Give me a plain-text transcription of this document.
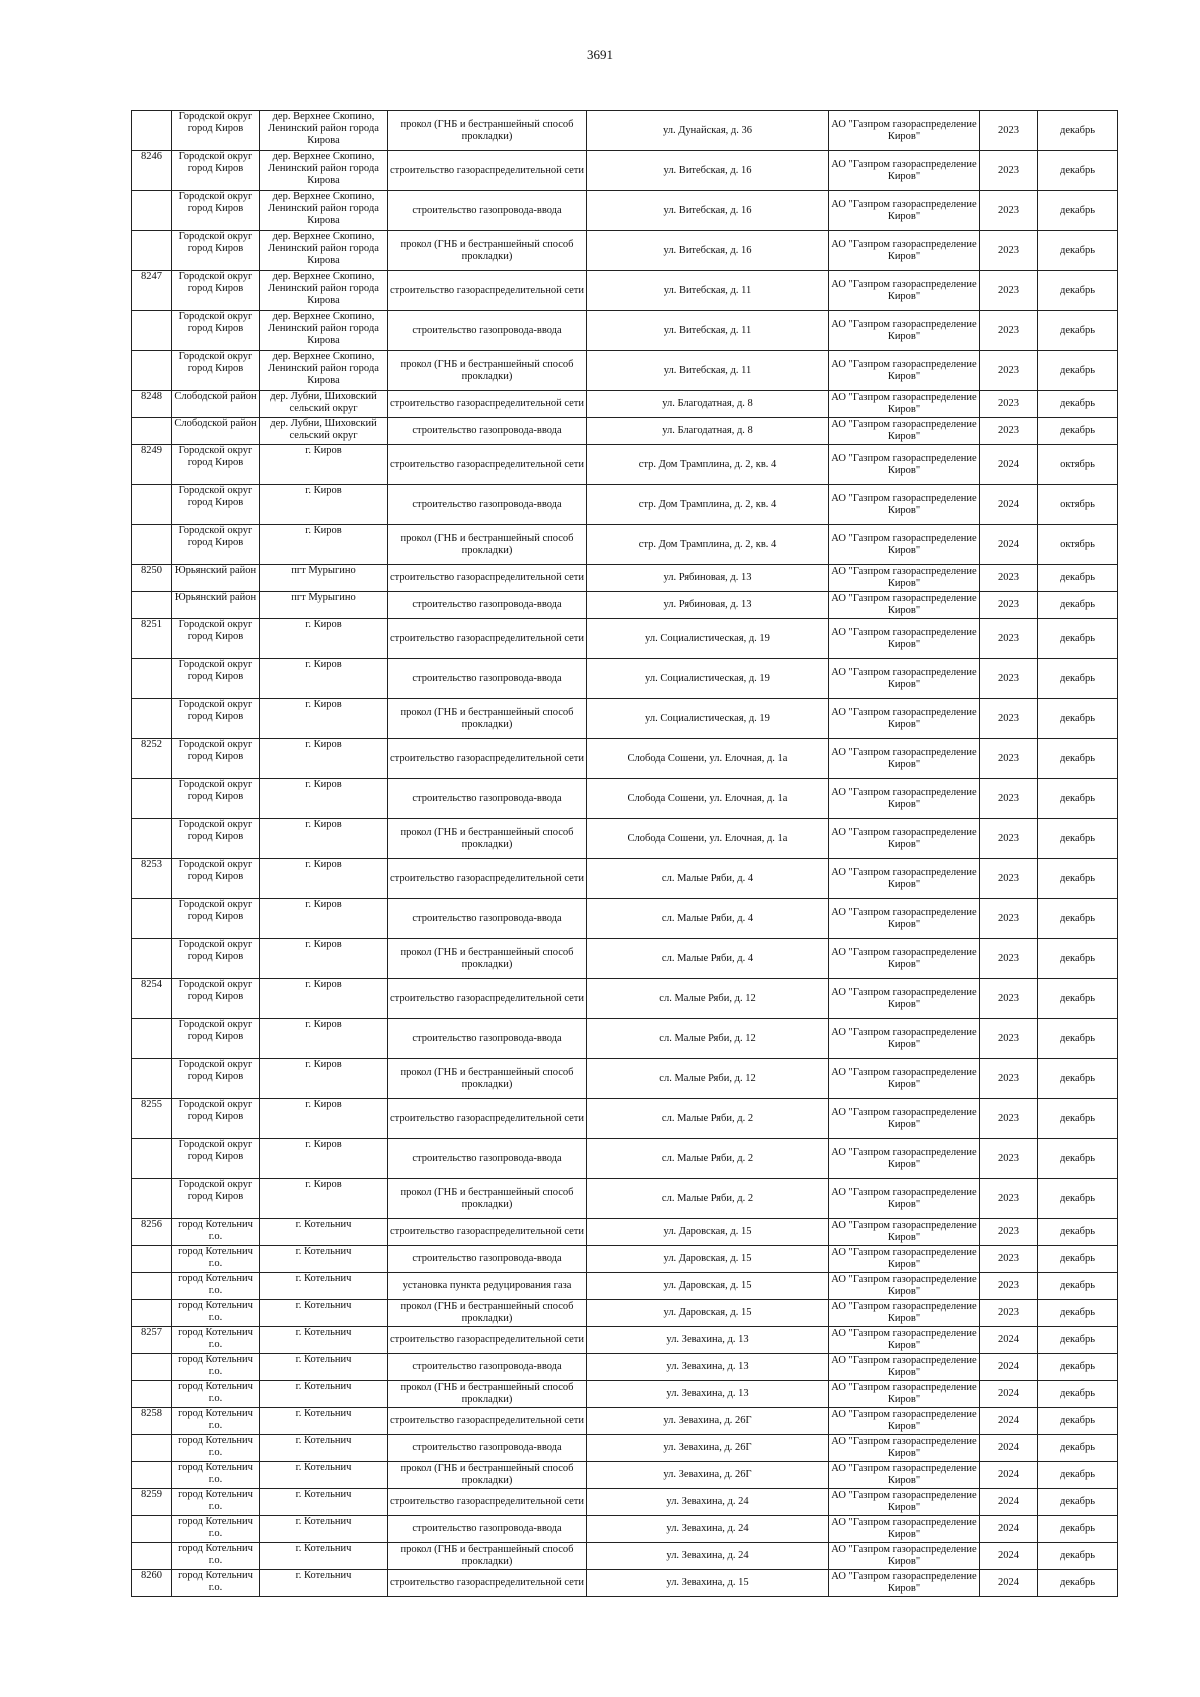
3691
	Городской округ город Киров	дер. Верхнее Скопино, Ленинский район города Кирова	прокол (ГНБ и бестраншейный способ прокладки)	ул. Дунайская, д. 36	АО "Газпром газораспределение Киров"	2023	декабрь
8246	Городской округ город Киров	дер. Верхнее Скопино, Ленинский район города Кирова	строительство газораспределительной сети	ул. Витебская, д. 16	АО "Газпром газораспределение Киров"	2023	декабрь
	Городской округ город Киров	дер. Верхнее Скопино, Ленинский район города Кирова	строительство газопровода-ввода	ул. Витебская, д. 16	АО "Газпром газораспределение Киров"	2023	декабрь
	Городской округ город Киров	дер. Верхнее Скопино, Ленинский район города Кирова	прокол (ГНБ и бестраншейный способ прокладки)	ул. Витебская, д. 16	АО "Газпром газораспределение Киров"	2023	декабрь
8247	Городской округ город Киров	дер. Верхнее Скопино, Ленинский район города Кирова	строительство газораспределительной сети	ул. Витебская, д. 11	АО "Газпром газораспределение Киров"	2023	декабрь
	Городской округ город Киров	дер. Верхнее Скопино, Ленинский район города Кирова	строительство газопровода-ввода	ул. Витебская, д. 11	АО "Газпром газораспределение Киров"	2023	декабрь
	Городской округ город Киров	дер. Верхнее Скопино, Ленинский район города Кирова	прокол (ГНБ и бестраншейный способ прокладки)	ул. Витебская, д. 11	АО "Газпром газораспределение Киров"	2023	декабрь
8248	Слободской район	дер. Лубни, Шиховский сельский округ	строительство газораспределительной сети	ул. Благодатная, д. 8	АО "Газпром газораспределение Киров"	2023	декабрь
	Слободской район	дер. Лубни, Шиховский сельский округ	строительство газопровода-ввода	ул. Благодатная, д. 8	АО "Газпром газораспределение Киров"	2023	декабрь
8249	Городской округ город Киров	г. Киров	строительство газораспределительной сети	стр. Дом Трамплина, д. 2, кв. 4	АО "Газпром газораспределение Киров"	2024	октябрь
	Городской округ город Киров	г. Киров	строительство газопровода-ввода	стр. Дом Трамплина, д. 2, кв. 4	АО "Газпром газораспределение Киров"	2024	октябрь
	Городской округ город Киров	г. Киров	прокол (ГНБ и бестраншейный способ прокладки)	стр. Дом Трамплина, д. 2, кв. 4	АО "Газпром газораспределение Киров"	2024	октябрь
8250	Юрьянский район	пгт Мурыгино	строительство газораспределительной сети	ул. Рябиновая, д. 13	АО "Газпром газораспределение Киров"	2023	декабрь
	Юрьянский район	пгт Мурыгино	строительство газопровода-ввода	ул. Рябиновая, д. 13	АО "Газпром газораспределение Киров"	2023	декабрь
8251	Городской округ город Киров	г. Киров	строительство газораспределительной сети	ул. Социалистическая, д. 19	АО "Газпром газораспределение Киров"	2023	декабрь
	Городской округ город Киров	г. Киров	строительство газопровода-ввода	ул. Социалистическая, д. 19	АО "Газпром газораспределение Киров"	2023	декабрь
	Городской округ город Киров	г. Киров	прокол (ГНБ и бестраншейный способ прокладки)	ул. Социалистическая, д. 19	АО "Газпром газораспределение Киров"	2023	декабрь
8252	Городской округ город Киров	г. Киров	строительство газораспределительной сети	Слобода Сошени, ул. Елочная, д. 1а	АО "Газпром газораспределение Киров"	2023	декабрь
	Городской округ город Киров	г. Киров	строительство газопровода-ввода	Слобода Сошени, ул. Елочная, д. 1а	АО "Газпром газораспределение Киров"	2023	декабрь
	Городской округ город Киров	г. Киров	прокол (ГНБ и бестраншейный способ прокладки)	Слобода Сошени, ул. Елочная, д. 1а	АО "Газпром газораспределение Киров"	2023	декабрь
8253	Городской округ город Киров	г. Киров	строительство газораспределительной сети	сл. Малые Ряби, д. 4	АО "Газпром газораспределение Киров"	2023	декабрь
	Городской округ город Киров	г. Киров	строительство газопровода-ввода	сл. Малые Ряби, д. 4	АО "Газпром газораспределение Киров"	2023	декабрь
	Городской округ город Киров	г. Киров	прокол (ГНБ и бестраншейный способ прокладки)	сл. Малые Ряби, д. 4	АО "Газпром газораспределение Киров"	2023	декабрь
8254	Городской округ город Киров	г. Киров	строительство газораспределительной сети	сл. Малые Ряби, д. 12	АО "Газпром газораспределение Киров"	2023	декабрь
	Городской округ город Киров	г. Киров	строительство газопровода-ввода	сл. Малые Ряби, д. 12	АО "Газпром газораспределение Киров"	2023	декабрь
	Городской округ город Киров	г. Киров	прокол (ГНБ и бестраншейный способ прокладки)	сл. Малые Ряби, д. 12	АО "Газпром газораспределение Киров"	2023	декабрь
8255	Городской округ город Киров	г. Киров	строительство газораспределительной сети	сл. Малые Ряби, д. 2	АО "Газпром газораспределение Киров"	2023	декабрь
	Городской округ город Киров	г. Киров	строительство газопровода-ввода	сл. Малые Ряби, д. 2	АО "Газпром газораспределение Киров"	2023	декабрь
	Городской округ город Киров	г. Киров	прокол (ГНБ и бестраншейный способ прокладки)	сл. Малые Ряби, д. 2	АО "Газпром газораспределение Киров"	2023	декабрь
8256	город Котельнич г.о.	г. Котельнич	строительство газораспределительной сети	ул. Даровская, д. 15	АО "Газпром газораспределение Киров"	2023	декабрь
	город Котельнич г.о.	г. Котельнич	строительство газопровода-ввода	ул. Даровская, д. 15	АО "Газпром газораспределение Киров"	2023	декабрь
	город Котельнич г.о.	г. Котельнич	установка пункта редуцирования газа	ул. Даровская, д. 15	АО "Газпром газораспределение Киров"	2023	декабрь
	город Котельнич г.о.	г. Котельнич	прокол (ГНБ и бестраншейный способ прокладки)	ул. Даровская, д. 15	АО "Газпром газораспределение Киров"	2023	декабрь
8257	город Котельнич г.о.	г. Котельнич	строительство газораспределительной сети	ул. Зевахина, д. 13	АО "Газпром газораспределение Киров"	2024	декабрь
	город Котельнич г.о.	г. Котельнич	строительство газопровода-ввода	ул. Зевахина, д. 13	АО "Газпром газораспределение Киров"	2024	декабрь
	город Котельнич г.о.	г. Котельнич	прокол (ГНБ и бестраншейный способ прокладки)	ул. Зевахина, д. 13	АО "Газпром газораспределение Киров"	2024	декабрь
8258	город Котельнич г.о.	г. Котельнич	строительство газораспределительной сети	ул. Зевахина, д. 26Г	АО "Газпром газораспределение Киров"	2024	декабрь
	город Котельнич г.о.	г. Котельнич	строительство газопровода-ввода	ул. Зевахина, д. 26Г	АО "Газпром газораспределение Киров"	2024	декабрь
	город Котельнич г.о.	г. Котельнич	прокол (ГНБ и бестраншейный способ прокладки)	ул. Зевахина, д. 26Г	АО "Газпром газораспределение Киров"	2024	декабрь
8259	город Котельнич г.о.	г. Котельнич	строительство газораспределительной сети	ул. Зевахина, д. 24	АО "Газпром газораспределение Киров"	2024	декабрь
	город Котельнич г.о.	г. Котельнич	строительство газопровода-ввода	ул. Зевахина, д. 24	АО "Газпром газораспределение Киров"	2024	декабрь
	город Котельнич г.о.	г. Котельнич	прокол (ГНБ и бестраншейный способ прокладки)	ул. Зевахина, д. 24	АО "Газпром газораспределение Киров"	2024	декабрь
8260	город Котельнич г.о.	г. Котельнич	строительство газораспределительной сети	ул. Зевахина, д. 15	АО "Газпром газораспределение Киров"	2024	декабрь
